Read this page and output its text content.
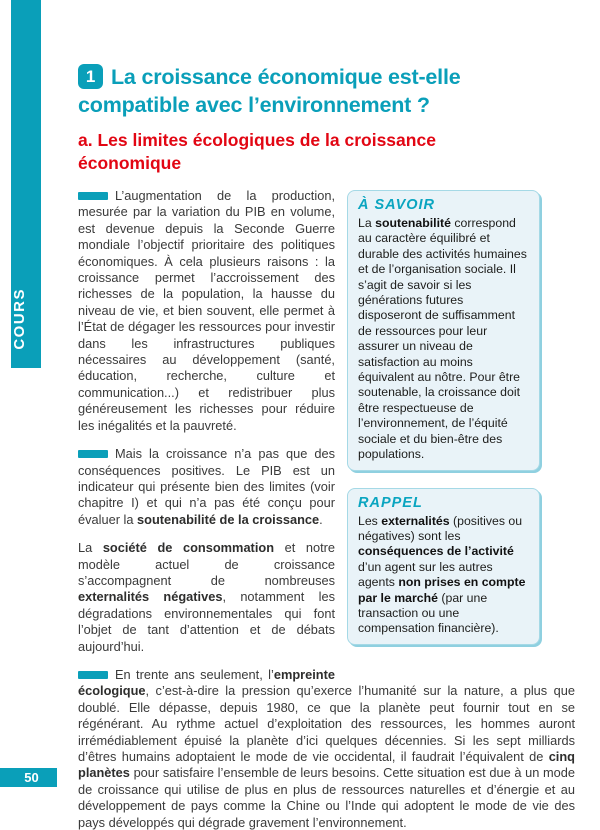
COURS
50
1 La croissance économique est-elle compatible avec l’environnement ?
a. Les limites écologiques de la croissance économique
À SAVOIR
La soutenabilité correspond au caractère équilibré et durable des activités humaines et de l’organisation sociale. Il s’agit de savoir si les générations futures disposeront de suffisamment de ressources pour leur assurer un niveau de satisfaction au moins équivalent au nôtre. Pour être soutenable, la croissance doit être respectueuse de l’environnement, de l’équité sociale et du bien-être des populations.
RAPPEL
Les externalités (positives ou négatives) sont les conséquences de l’activité d’un agent sur les autres agents non prises en compte par le marché (par une transaction ou une compensation financière).

L’augmentation de la production, mesurée par la variation du PIB en volume, est devenue depuis la Seconde Guerre mondiale l’objectif prioritaire des politiques économiques. À cela plusieurs raisons : la croissance permet l’accroissement des richesses de la population, la hausse du niveau de vie, et bien souvent, elle permet à l’État de dégager les ressources pour investir dans les infrastructures publiques nécessaires au développement (santé, éducation, recherche, culture et communication...) et redistribuer plus généreusement les richesses pour réduire les inégalités et la pauvreté.

Mais la croissance n’a pas que des conséquences positives. Le PIB est un indicateur qui présente bien des limites (voir chapitre I) et qui n’a pas été conçu pour évaluer la soutenabilité de la croissance.

La société de consommation et notre modèle actuel de croissance s’accompagnent de nombreuses externalités négatives, notamment les dégradations environnementales qui font l’objet de tant d’attention et de débats aujourd’hui.

En trente ans seulement, l’empreinte écologique, c’est-à-dire la pression qu’exerce l’humanité sur la nature, a plus que doublé. Elle dépasse, depuis 1980, ce que la planète peut fournir tout en se régénérant. Au rythme actuel d’exploitation des ressources, les hommes auront irrémédiablement épuisé la planète d’ici quelques décennies. Si les sept milliards d’êtres humains adoptaient le mode de vie occidental, il faudrait l’équivalent de cinq planètes pour satisfaire l’ensemble de leurs besoins. Cette situation est due à un mode de croissance qui utilise de plus en plus de ressources naturelles et d’énergie et au développement de pays comme la Chine ou l’Inde qui adoptent le mode de vie des pays développés qui dégrade gravement l’environnement.
